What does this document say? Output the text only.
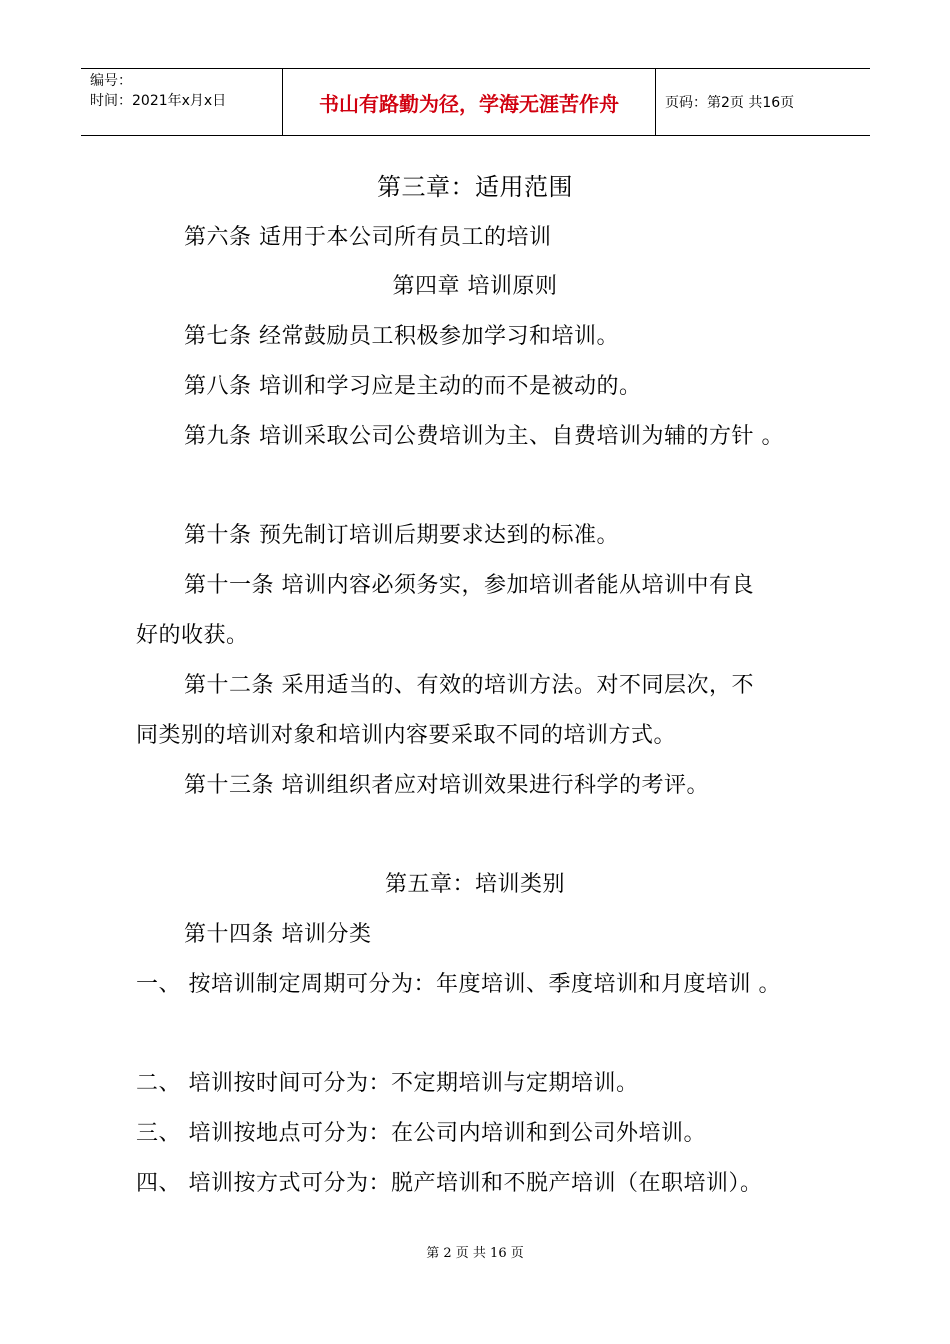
编号：
时间：2021年x月x日	书山有路勤为径，学海无涯苦作舟	页码：第2页 共16页
第三章：适用范围
第六条 适用于本公司所有员工的培训
第四章 培训原则
第七条 经常鼓励员工积极参加学习和培训。
第八条 培训和学习应是主动的而不是被动的。
第九条 培训采取公司公费培训为主、自费培训为辅的方针 。
第十条 预先制订培训后期要求达到的标准。
第十一条 培训内容必须务实，参加培训者能从培训中有良
好的收获。
第十二条 采用适当的、有效的培训方法。对不同层次，不
同类别的培训对象和培训内容要采取不同的培训方式。
第十三条 培训组织者应对培训效果进行科学的考评。
第五章：培训类别
第十四条 培训分类
一、 按培训制定周期可分为：年度培训、季度培训和月度培训 。
二、 培训按时间可分为：不定期培训与定期培训。
三、 培训按地点可分为：在公司内培训和到公司外培训。
四、 培训按方式可分为：脱产培训和不脱产培训（在职培训）。
第 2 页 共 16 页
